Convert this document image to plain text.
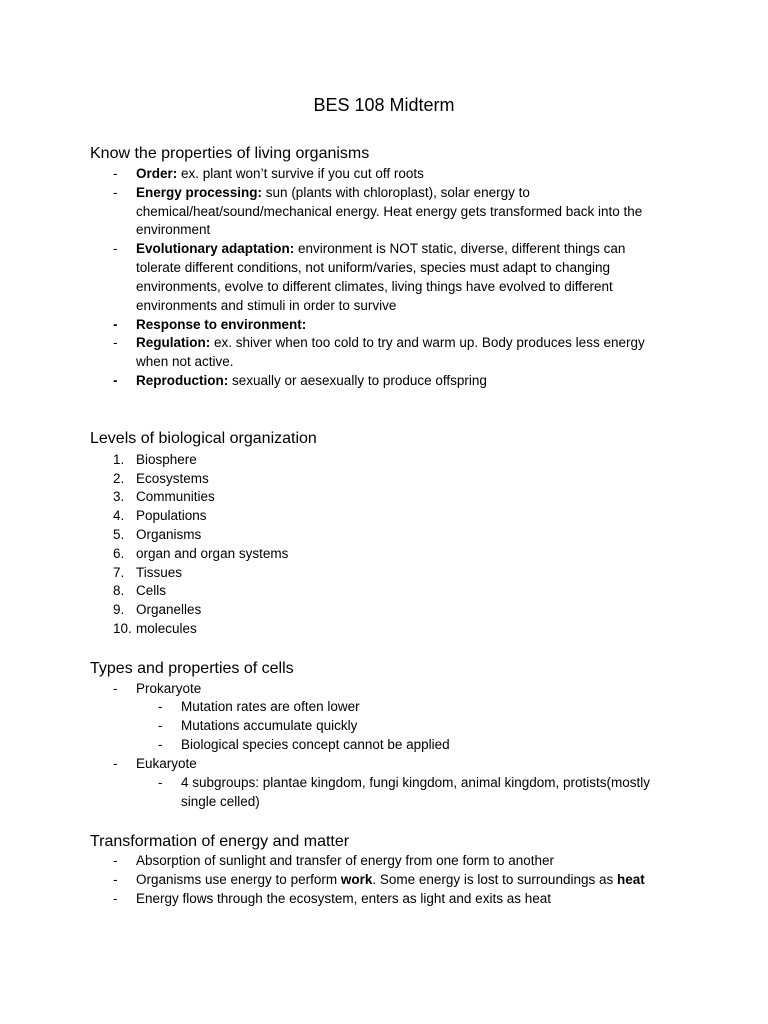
BES 108 Midterm
Know the properties of living organisms
- Order: ex. plant won’t survive if you cut off roots
- Energy processing: sun (plants with chloroplast), solar energy to
chemical/heat/sound/mechanical energy. Heat energy gets transformed back into the
environment
- Evolutionary adaptation: environment is NOT static, diverse, different things can
tolerate different conditions, not uniform/varies, species must adapt to changing
environments, evolve to different climates, living things have evolved to different
environments and stimuli in order to survive
- Response to environment:
- Regulation: ex. shiver when too cold to try and warm up. Body produces less energy
when not active.
- Reproduction: sexually or aesexually to produce offspring
Levels of biological organization
1. Biosphere
2. Ecosystems
3. Communities
4. Populations
5. Organisms
6. organ and organ systems
7. Tissues
8. Cells
9. Organelles
10. molecules
Types and properties of cells
- Prokaryote
- Mutation rates are often lower
- Mutations accumulate quickly
- Biological species concept cannot be applied
- Eukaryote
- 4 subgroups: plantae kingdom, fungi kingdom, animal kingdom, protists(mostly
single celled)
Transformation of energy and matter
- Absorption of sunlight and transfer of energy from one form to another
- Organisms use energy to perform work. Some energy is lost to surroundings as heat
- Energy flows through the ecosystem, enters as light and exits as heat
